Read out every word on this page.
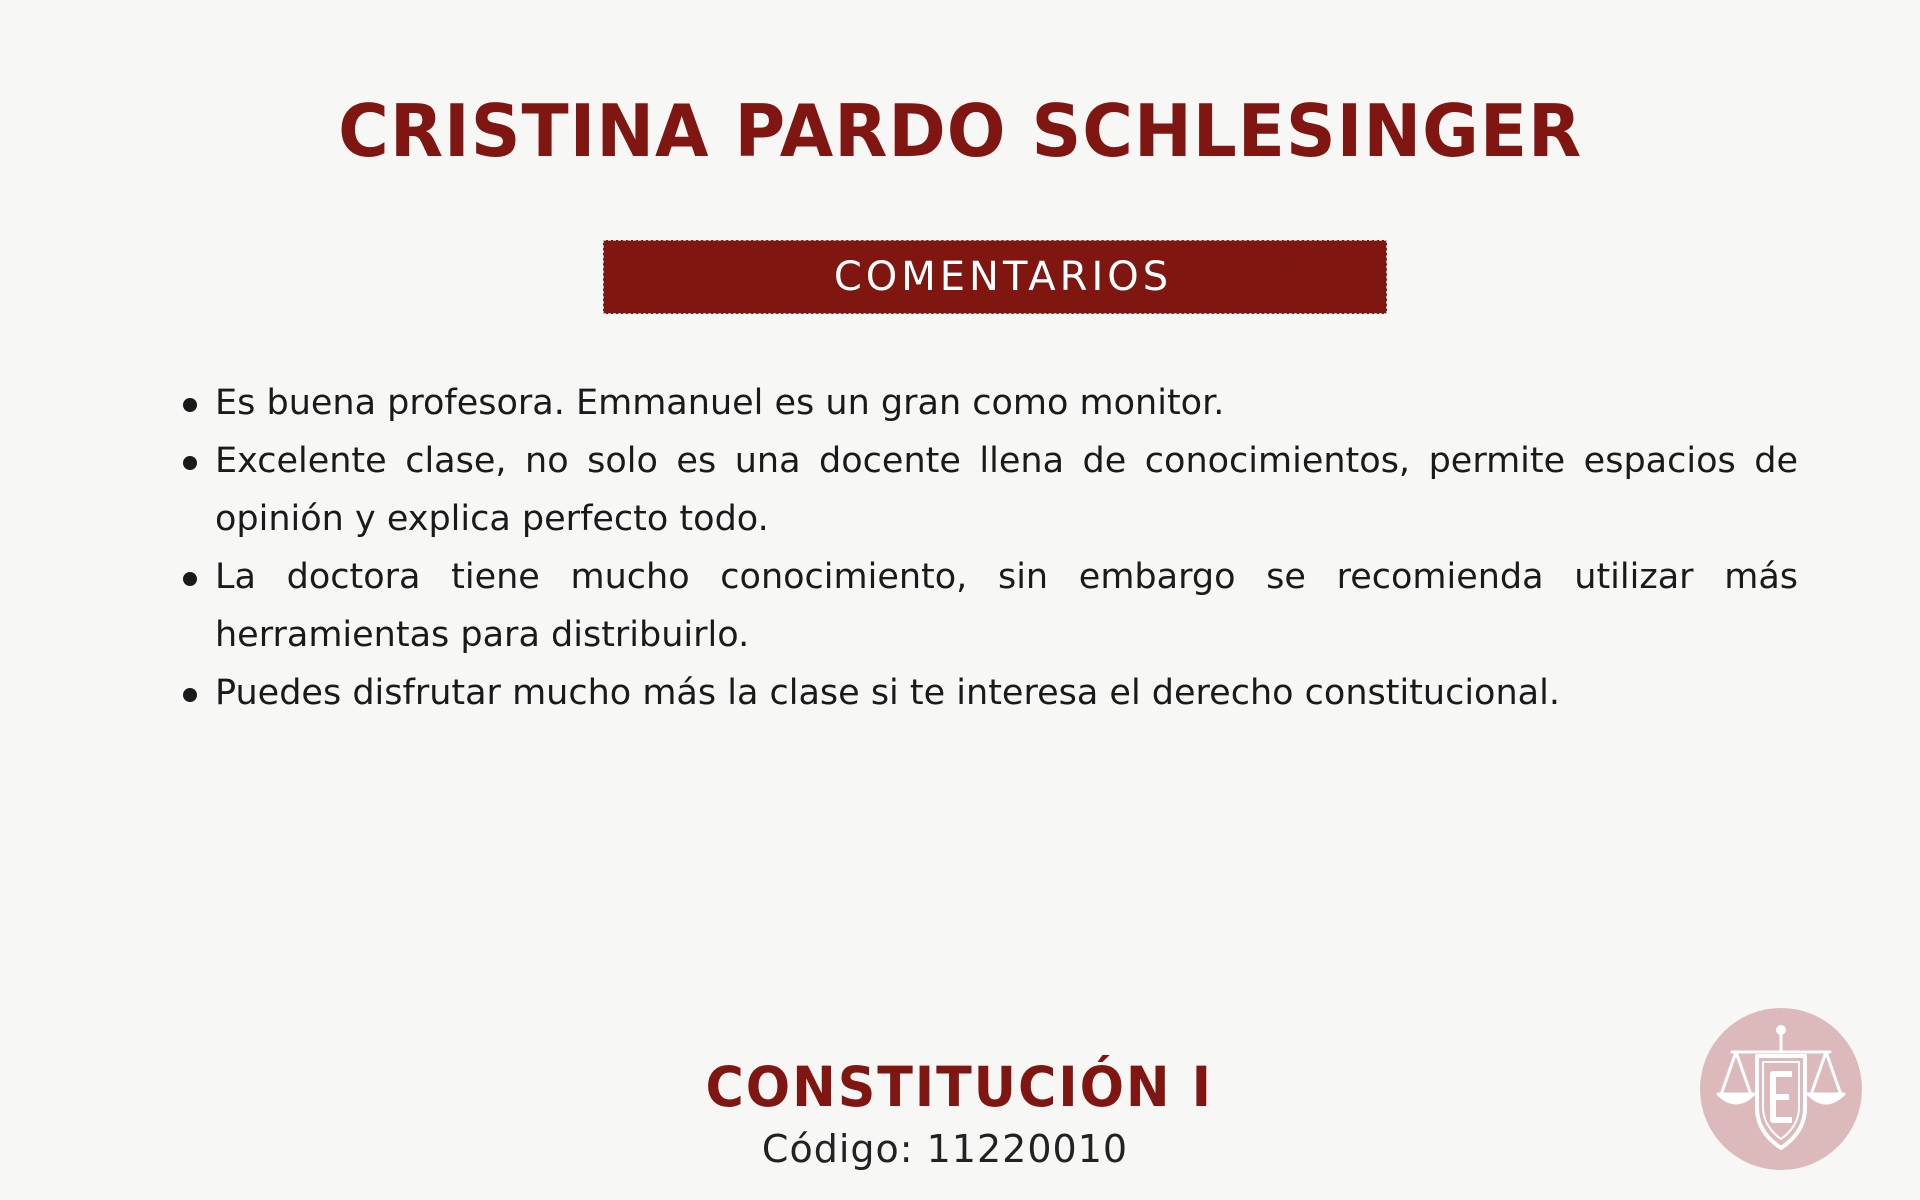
CRISTINA PARDO SCHLESINGER
COMENTARIOS
Es buena profesora. Emmanuel es un gran como monitor.
Excelente clase, no solo es una docente llena de conocimientos, permite espacios de opinión y explica perfecto todo.
La doctora tiene mucho conocimiento, sin embargo se recomienda utilizar más herramientas para distribuirlo.
Puedes disfrutar mucho más la clase si te interesa el derecho constitucional.
CONSTITUCIÓN I
Código: 11220010
